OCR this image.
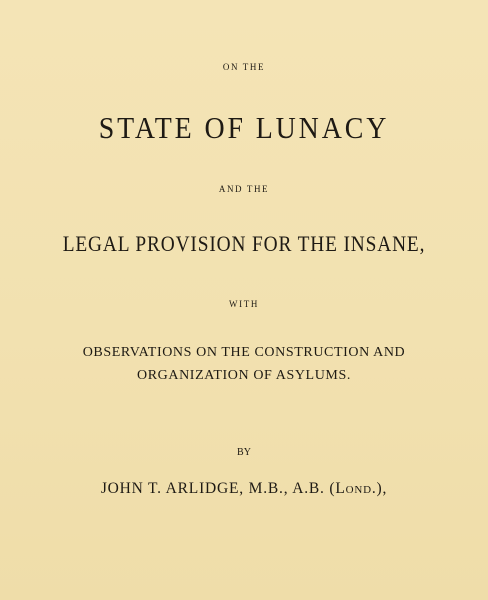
ON THE
STATE OF LUNACY
AND THE
LEGAL PROVISION FOR THE INSANE,
WITH
OBSERVATIONS ON THE CONSTRUCTION AND
ORGANIZATION OF ASYLUMS.
BY
JOHN T. ARLIDGE, M.B., A.B. (Lond.),
